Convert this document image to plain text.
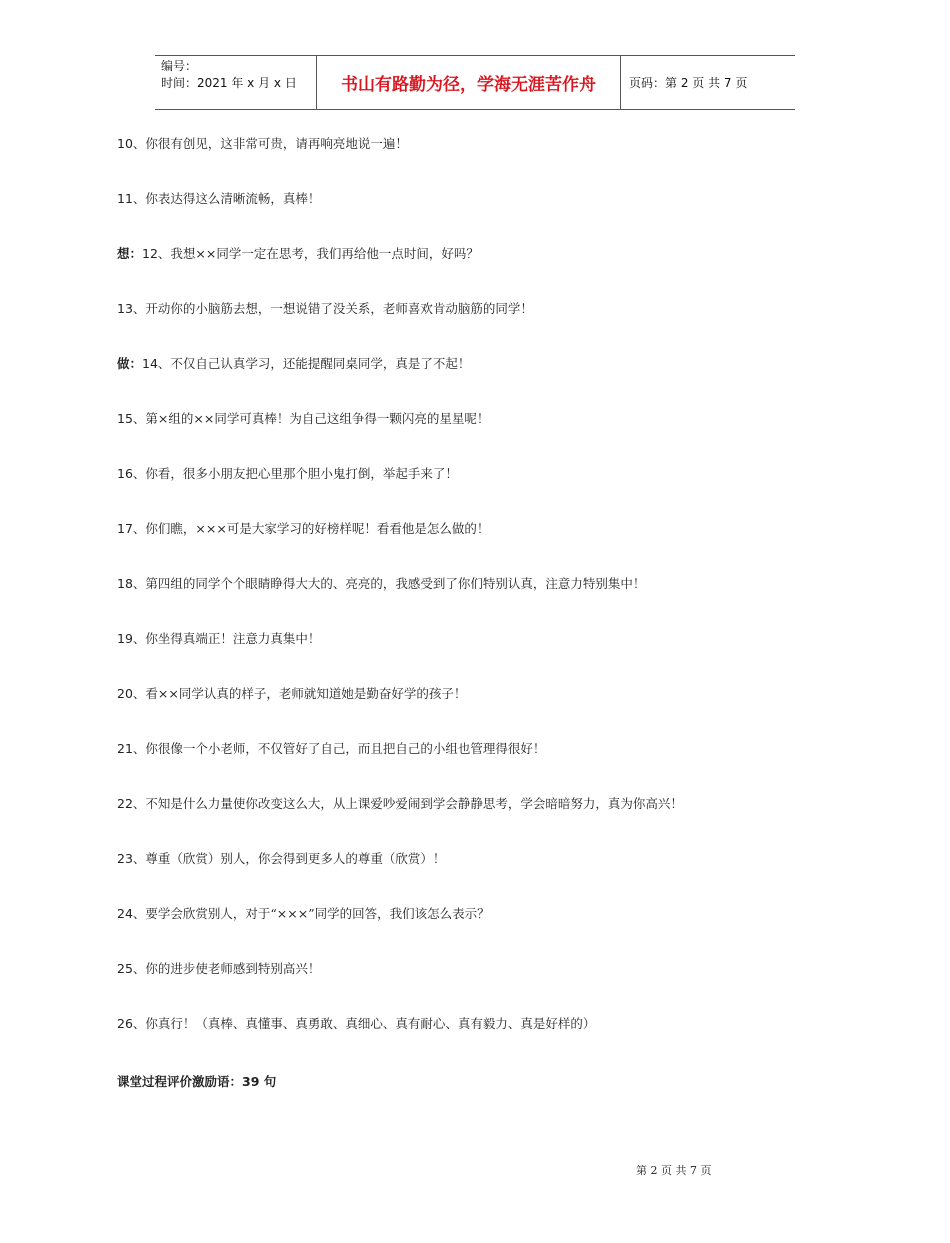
编号：
时间：2021 年 x 月 x 日	书山有路勤为径，学海无涯苦作舟	页码：第 2 页 共 7 页
10、你很有创见，这非常可贵，请再响亮地说一遍！
11、你表达得这么清晰流畅，真棒！
想：12、我想××同学一定在思考，我们再给他一点时间，好吗？
13、开动你的小脑筋去想，一想说错了没关系，老师喜欢肯动脑筋的同学！
做：14、不仅自己认真学习，还能提醒同桌同学，真是了不起！
15、第×组的××同学可真棒！为自己这组争得一颗闪亮的星星呢！
16、你看，很多小朋友把心里那个胆小鬼打倒，举起手来了！
17、你们瞧，×××可是大家学习的好榜样呢！看看他是怎么做的！
18、第四组的同学个个眼睛睁得大大的、亮亮的，我感受到了你们特别认真，注意力特别集中！
19、你坐得真端正！注意力真集中！
20、看××同学认真的样子，老师就知道她是勤奋好学的孩子！
21、你很像一个小老师，不仅管好了自己，而且把自己的小组也管理得很好！
22、不知是什么力量使你改变这么大，从上课爱吵爱闹到学会静静思考，学会暗暗努力，真为你高兴！
23、尊重（欣赏）别人，你会得到更多人的尊重（欣赏）！
24、要学会欣赏别人，对于“×××”同学的回答，我们该怎么表示？
25、你的进步使老师感到特别高兴！
26、你真行！（真棒、真懂事、真勇敢、真细心、真有耐心、真有毅力、真是好样的）
课堂过程评价激励语：39 句
第 2 页 共 7 页
